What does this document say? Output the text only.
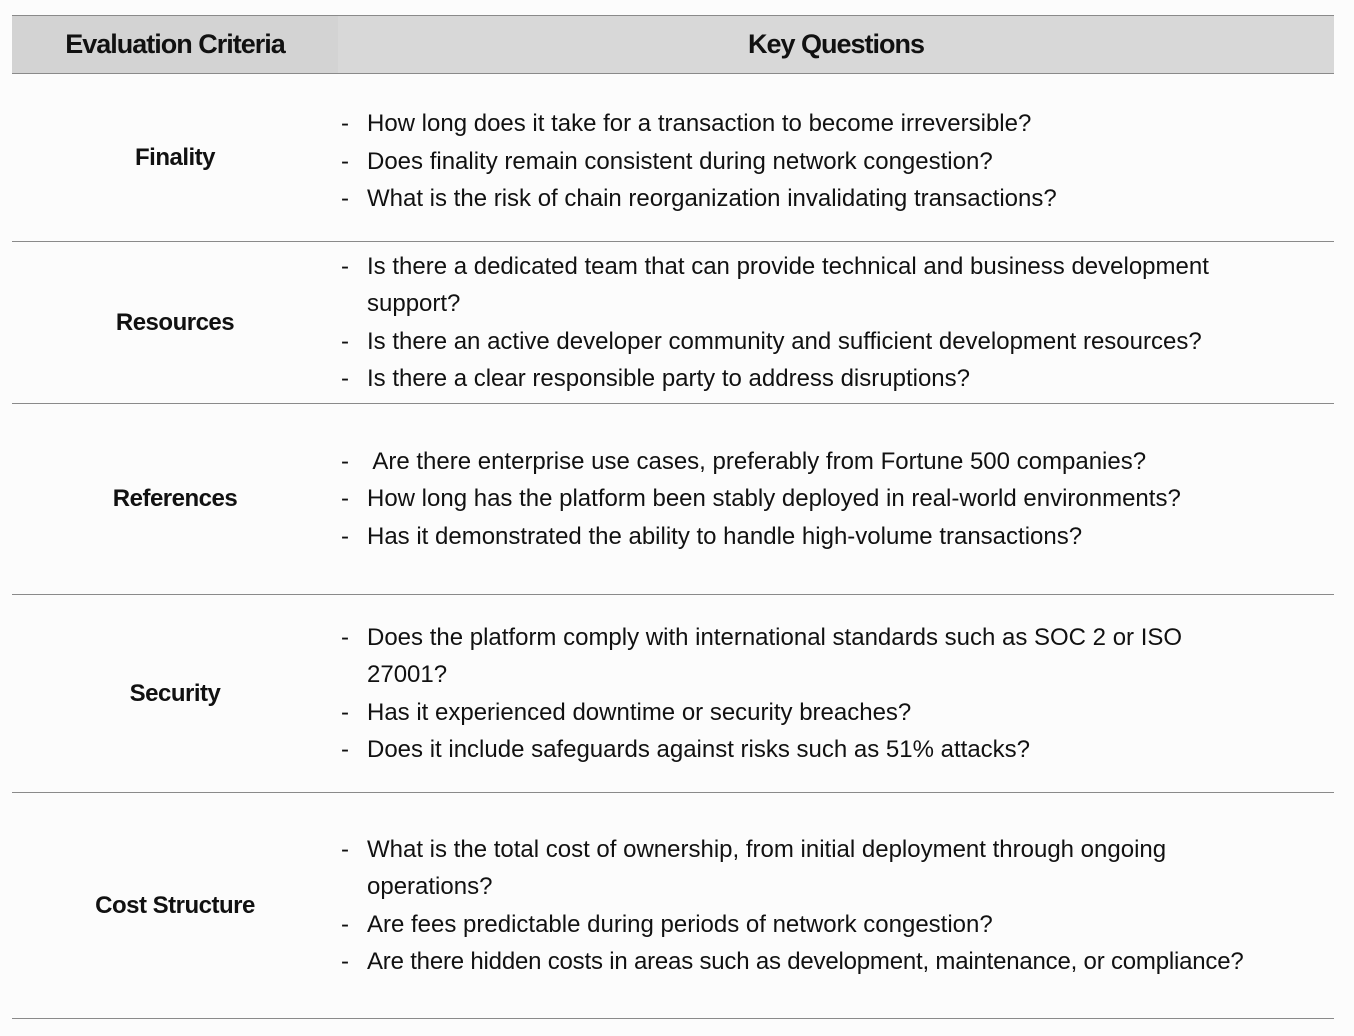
Evaluation Criteria	Key Questions
Finality
- How long does it take for a transaction to become irreversible?
- Does finality remain consistent during network congestion?
- What is the risk of chain reorganization invalidating transactions?
Resources
- Is there a dedicated team that can provide technical and business development support?
- Is there an active developer community and sufficient development resources?
- Is there a clear responsible party to address disruptions?
References
- Are there enterprise use cases, preferably from Fortune 500 companies?
- How long has the platform been stably deployed in real-world environments?
- Has it demonstrated the ability to handle high-volume transactions?
Security
- Does the platform comply with international standards such as SOC 2 or ISO 27001?
- Has it experienced downtime or security breaches?
- Does it include safeguards against risks such as 51% attacks?
Cost Structure
- What is the total cost of ownership, from initial deployment through ongoing operations?
- Are fees predictable during periods of network congestion?
- Are there hidden costs in areas such as development, maintenance, or compliance?
